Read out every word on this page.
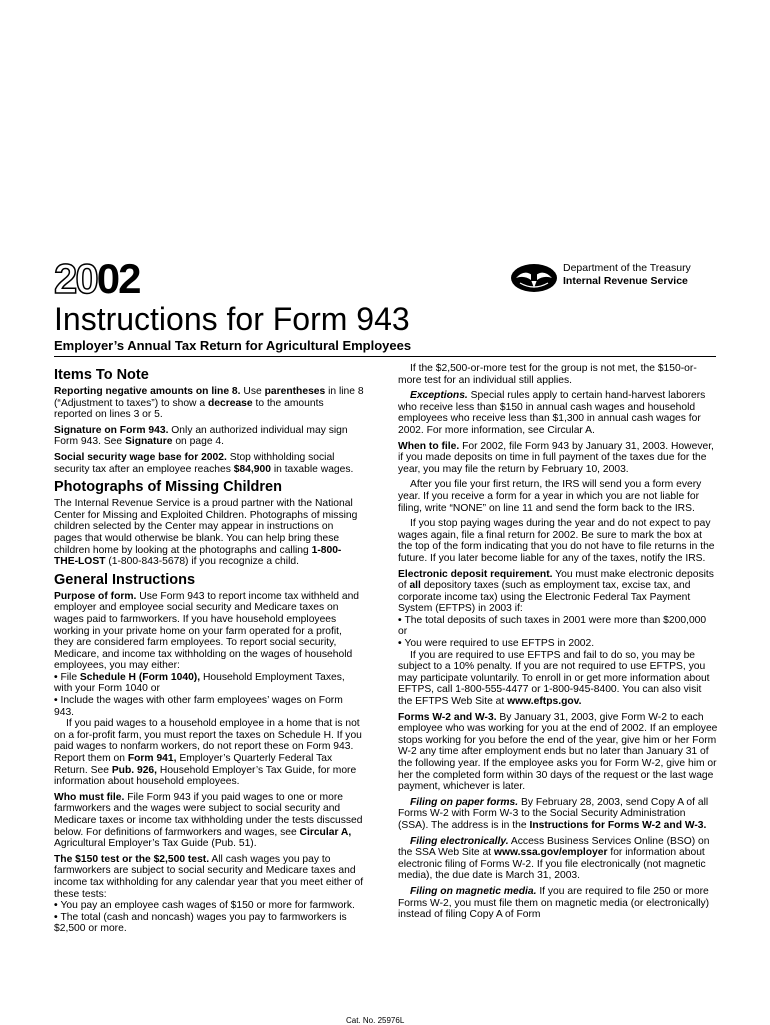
2002	Department of the Treasury
Internal Revenue Service
Instructions for Form 943
Employer’s Annual Tax Return for Agricultural Employees
Items To Note

Reporting negative amounts on line 8. Use parentheses in line 8 (“Adjustment to taxes”) to show a decrease to the amounts reported on lines 3 or 5.

Signature on Form 943. Only an authorized individual may sign Form 943. See Signature on page 4.

Social security wage base for 2002. Stop withholding social security tax after an employee reaches $84,900 in taxable wages.

Photographs of Missing Children

The Internal Revenue Service is a proud partner with the National Center for Missing and Exploited Children. Photographs of missing children selected by the Center may appear in instructions on pages that would otherwise be blank. You can help bring these children home by looking at the photographs and calling 1-800-THE-LOST (1-800-843-5678) if you recognize a child.

General Instructions

Purpose of form. Use Form 943 to report income tax withheld and employer and employee social security and Medicare taxes on wages paid to farmworkers. If you have household employees working in your private home on your farm operated for a profit, they are considered farm employees. To report social security, Medicare, and income tax withholding on the wages of household employees, you may either:

• File Schedule H (Form 1040), Household Employment Taxes, with your Form 1040 or

• Include the wages with other farm employees’ wages on Form 943.

If you paid wages to a household employee in a home that is not on a for-profit farm, you must report the taxes on Schedule H. If you paid wages to nonfarm workers, do not report these on Form 943. Report them on Form 941, Employer’s Quarterly Federal Tax Return. See Pub. 926, Household Employer’s Tax Guide, for more information about household employees.

Who must file. File Form 943 if you paid wages to one or more farmworkers and the wages were subject to social security and Medicare taxes or income tax withholding under the tests discussed below. For definitions of farmworkers and wages, see Circular A, Agricultural Employer’s Tax Guide (Pub. 51).

The $150 test or the $2,500 test. All cash wages you pay to farmworkers are subject to social security and Medicare taxes and income tax withholding for any calendar year that you meet either of these tests:

• You pay an employee cash wages of $150 or more for farmwork.

• The total (cash and noncash) wages you pay to farmworkers is $2,500 or more.

If the $2,500-or-more test for the group is not met, the $150-or-more test for an individual still applies.

Exceptions. Special rules apply to certain hand-harvest laborers who receive less than $150 in annual cash wages and household employees who receive less than $1,300 in annual cash wages for 2002. For more information, see Circular A.

When to file. For 2002, file Form 943 by January 31, 2003. However, if you made deposits on time in full payment of the taxes due for the year, you may file the return by February 10, 2003.

After you file your first return, the IRS will send you a form every year. If you receive a form for a year in which you are not liable for filing, write “NONE” on line 11 and send the form back to the IRS.

If you stop paying wages during the year and do not expect to pay wages again, file a final return for 2002. Be sure to mark the box at the top of the form indicating that you do not have to file returns in the future. If you later become liable for any of the taxes, notify the IRS.

Electronic deposit requirement. You must make electronic deposits of all depository taxes (such as employment tax, excise tax, and corporate income tax) using the Electronic Federal Tax Payment System (EFTPS) in 2003 if:

• The total deposits of such taxes in 2001 were more than $200,000 or

• You were required to use EFTPS in 2002.

If you are required to use EFTPS and fail to do so, you may be subject to a 10% penalty. If you are not required to use EFTPS, you may participate voluntarily. To enroll in or get more information about EFTPS, call 1-800-555-4477 or 1-800-945-8400. You can also visit the EFTPS Web Site at www.eftps.gov.

Forms W-2 and W-3. By January 31, 2003, give Form W-2 to each employee who was working for you at the end of 2002. If an employee stops working for you before the end of the year, give him or her Form W-2 any time after employment ends but no later than January 31 of the following year. If the employee asks you for Form W-2, give him or her the completed form within 30 days of the request or the last wage payment, whichever is later.

Filing on paper forms. By February 28, 2003, send Copy A of all Forms W-2 with Form W-3 to the Social Security Administration (SSA). The address is in the Instructions for Forms W-2 and W-3.

Filing electronically. Access Business Services Online (BSO) on the SSA Web Site at www.ssa.gov/employer for information about electronic filing of Forms W-2. If you file electronically (not magnetic media), the due date is March 31, 2003.

Filing on magnetic media. If you are required to file 250 or more Forms W-2, you must file them on magnetic media (or electronically) instead of filing Copy A of Form

Cat. No. 25976L
